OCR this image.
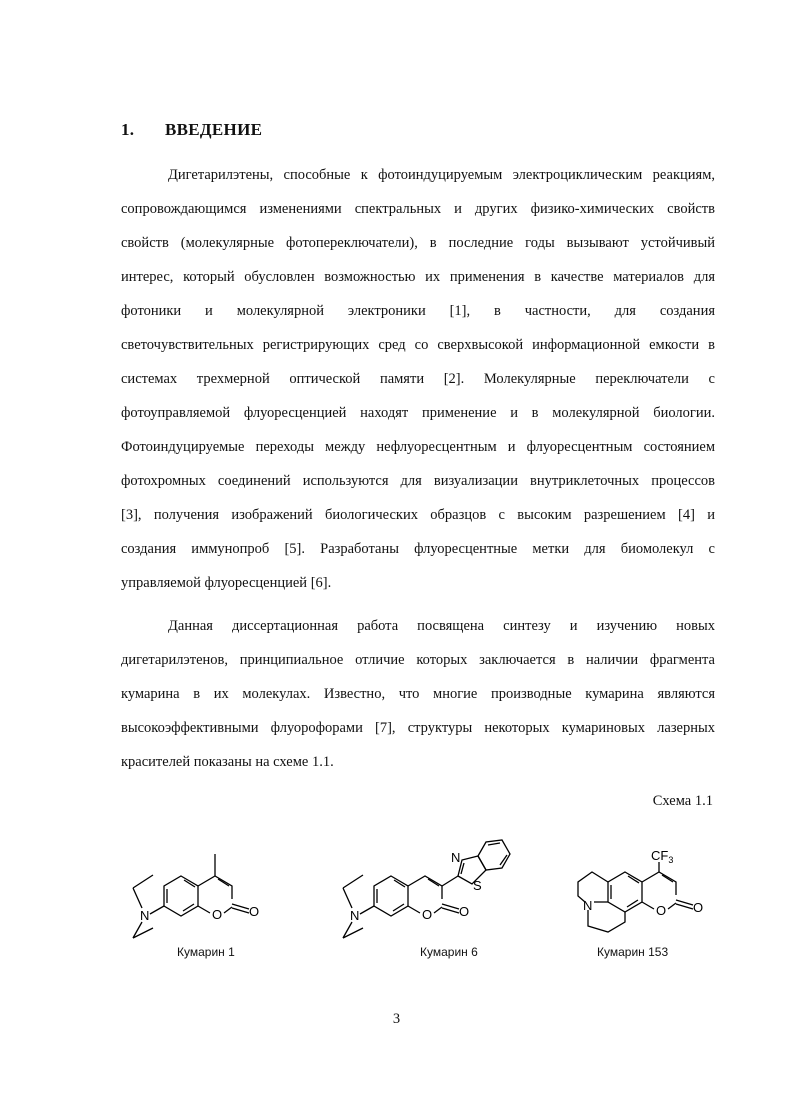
1. ВВЕДЕНИЕ
Дигетарилэтены, способные к фотоиндуцируемым электроциклическим реакциям,
сопровождающимся изменениями спектральных и других физико-химических свойств
свойств (молекулярные фотопереключатели), в последние годы вызывают устойчивый
интерес, который обусловлен возможностью их применения в качестве материалов для
фотоники и молекулярной электроники [1], в частности, для создания
светочувствительных регистрирующих сред со сверхвысокой информационной емкости в
системах трехмерной оптической памяти [2]. Молекулярные переключатели с
фотоуправляемой флуоресценцией находят применение и в молекулярной биологии.
Фотоиндуцируемые переходы между нефлуоресцентным и флуоресцентным состоянием
фотохромных соединений используются для визуализации внутриклеточных процессов
[3], получения изображений биологических образцов с высоким разрешением [4] и
создания иммунопроб [5]. Разработаны флуоресцентные метки для биомолекул с
управляемой флуоресценцией [6].
Данная диссертационная работа посвящена синтезу и изучению новых
дигетарилэтенов, принципиальное отличие которых заключается в наличии фрагмента
кумарина в их молекулах. Известно, что многие производные кумарина являются
высокоэффективными флуорофорами [7], структуры некоторых кумариновых лазерных
красителей показаны на схеме 1.1.
Схема 1.1
N	O O	N	O O
N
S
N	O O
$CF_3$
Кумарин 1	Кумарин 6	Кумарин 153
3
